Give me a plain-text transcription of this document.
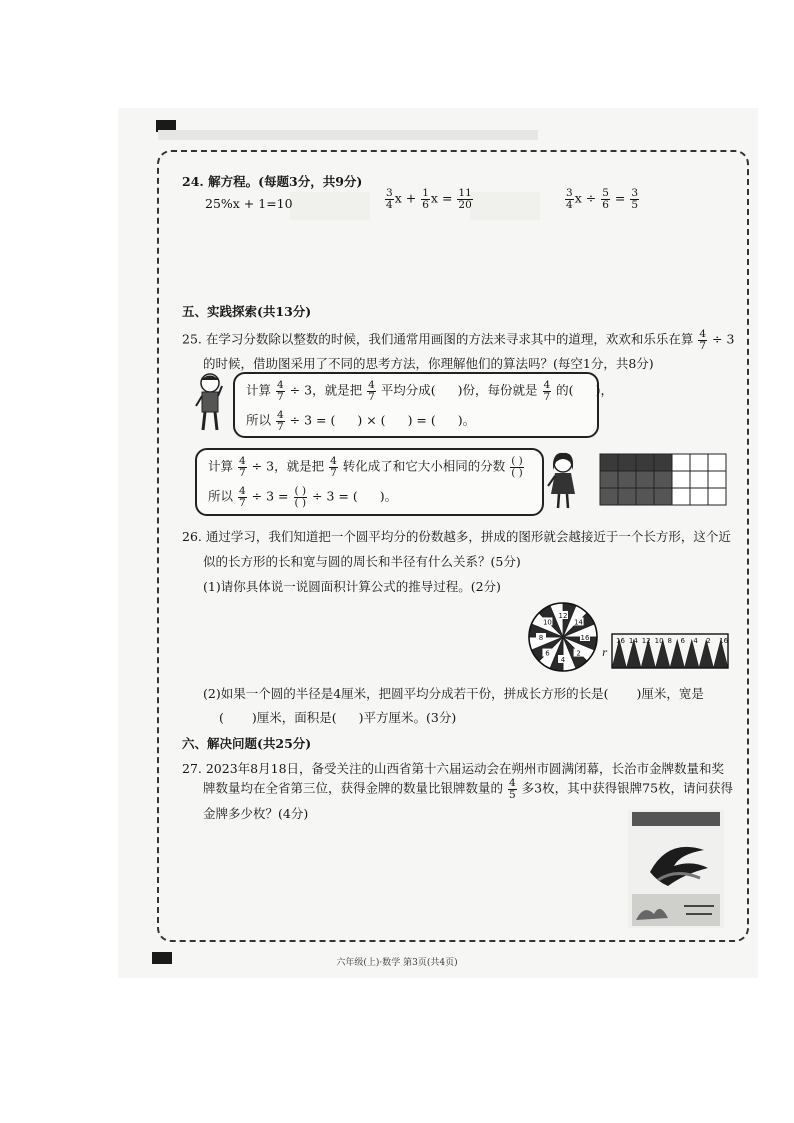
24. 解方程。(每题3分，共9分)
25%x + 1=10	$\frac{3}{4}$ $x + \frac{1}{6}$ $x = \frac{11}{20}$	$\frac{3}{4}$ $x \div \frac{5}{6} = \frac{3}{5}$
五、实践探索(共13分)
25. 在学习分数除以整数的时候，我们通常用画图的方法来寻求其中的道理，欢欢和乐乐在算 $\frac{4}{7} \div 3$
的时候，借助图采用了不同的思考方法，你理解他们的算法吗？(每空1分，共8分)
计算 $\frac{4}{7} \div 3$，就是把 $\frac{4}{7}$ 平均分成( )份，每份就是 $\frac{4}{7}$ 的( )，
所以 $\frac{4}{7} \div 3$ = ( ) × ( ) = ( )。
计算 $\frac{4}{7} \div 3$，就是把 $\frac{4}{7}$ 转化成了和它大小相同的分数 $\frac{( )}{( )}$
所以 $\frac{4}{7} \div 3 = \frac{( )}{( )} \div 3$ = ( )。
26. 通过学习，我们知道把一个圆平均分的份数越多，拼成的图形就会越接近于一个长方形，这个近
似的长方形的长和宽与圆的周长和半径有什么关系？(5分)
(1)请你具体说一说圆面积计算公式的推导过程。(2分)
12
14
16
2
4
6
8
10
16 14 12 10 8 6 4 2 16
r
(2)如果一个圆的半径是4厘米，把圆平均分成若干份，拼成长方形的长是( )厘米，宽是
( )厘米，面积是( )平方厘米。(3分)
六、解决问题(共25分)
27. 2023年8月18日，备受关注的山西省第十六届运动会在朔州市圆满闭幕，长治市金牌数量和奖
牌数量均在全省第三位，获得金牌的数量比银牌数量的 $\frac{4}{5}$ 多3枚，其中获得银牌75枚，请问获得
金牌多少枚？(4分)
六年级(上)·数学 第3页(共4页)
